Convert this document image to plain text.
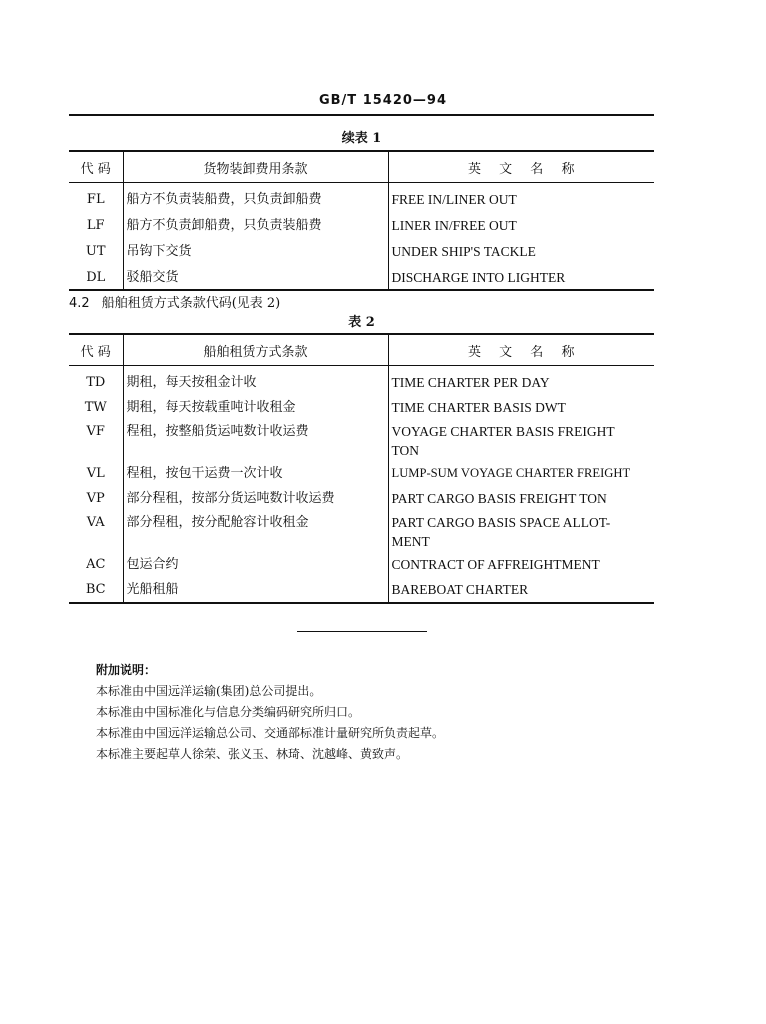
GB/T 15420—94
续表 1
代 码	货物装卸费用条款	英 文 名 称

FL	船方不负责装船费，只负责卸船费	FREE IN/LINER OUT
LF	船方不负责卸船费，只负责装船费	LINER IN/FREE OUT
UT	吊钩下交货	UNDER SHIP'S TACKLE
DL	驳船交货	DISCHARGE INTO LIGHTER
4.2 船舶租赁方式条款代码(见表 2)
表 2
代 码	船舶租赁方式条款	英 文 名 称

TD	期租，每天按租金计收	TIME CHARTER PER DAY
TW	期租，每天按载重吨计收租金	TIME CHARTER BASIS DWT
VF	程租，按整船货运吨数计收运费	VOYAGE CHARTER BASIS FREIGHT
TON

VL	程租，按包干运费一次计收	LUMP-SUM VOYAGE CHARTER FREIGHT
VP	部分程租，按部分货运吨数计收运费	PART CARGO BASIS FREIGHT TON
VA	部分程租，按分配舱容计收租金	PART CARGO BASIS SPACE ALLOT-
MENT

AC	包运合约	CONTRACT OF AFFREIGHTMENT
BC	光船租船	BAREBOAT CHARTER
附加说明：
本标准由中国远洋运输(集团)总公司提出。
本标准由中国标准化与信息分类编码研究所归口。
本标准由中国远洋运输总公司、交通部标准计量研究所负责起草。
本标准主要起草人徐荣、张义玉、林琦、沈越峰、黄致声。
